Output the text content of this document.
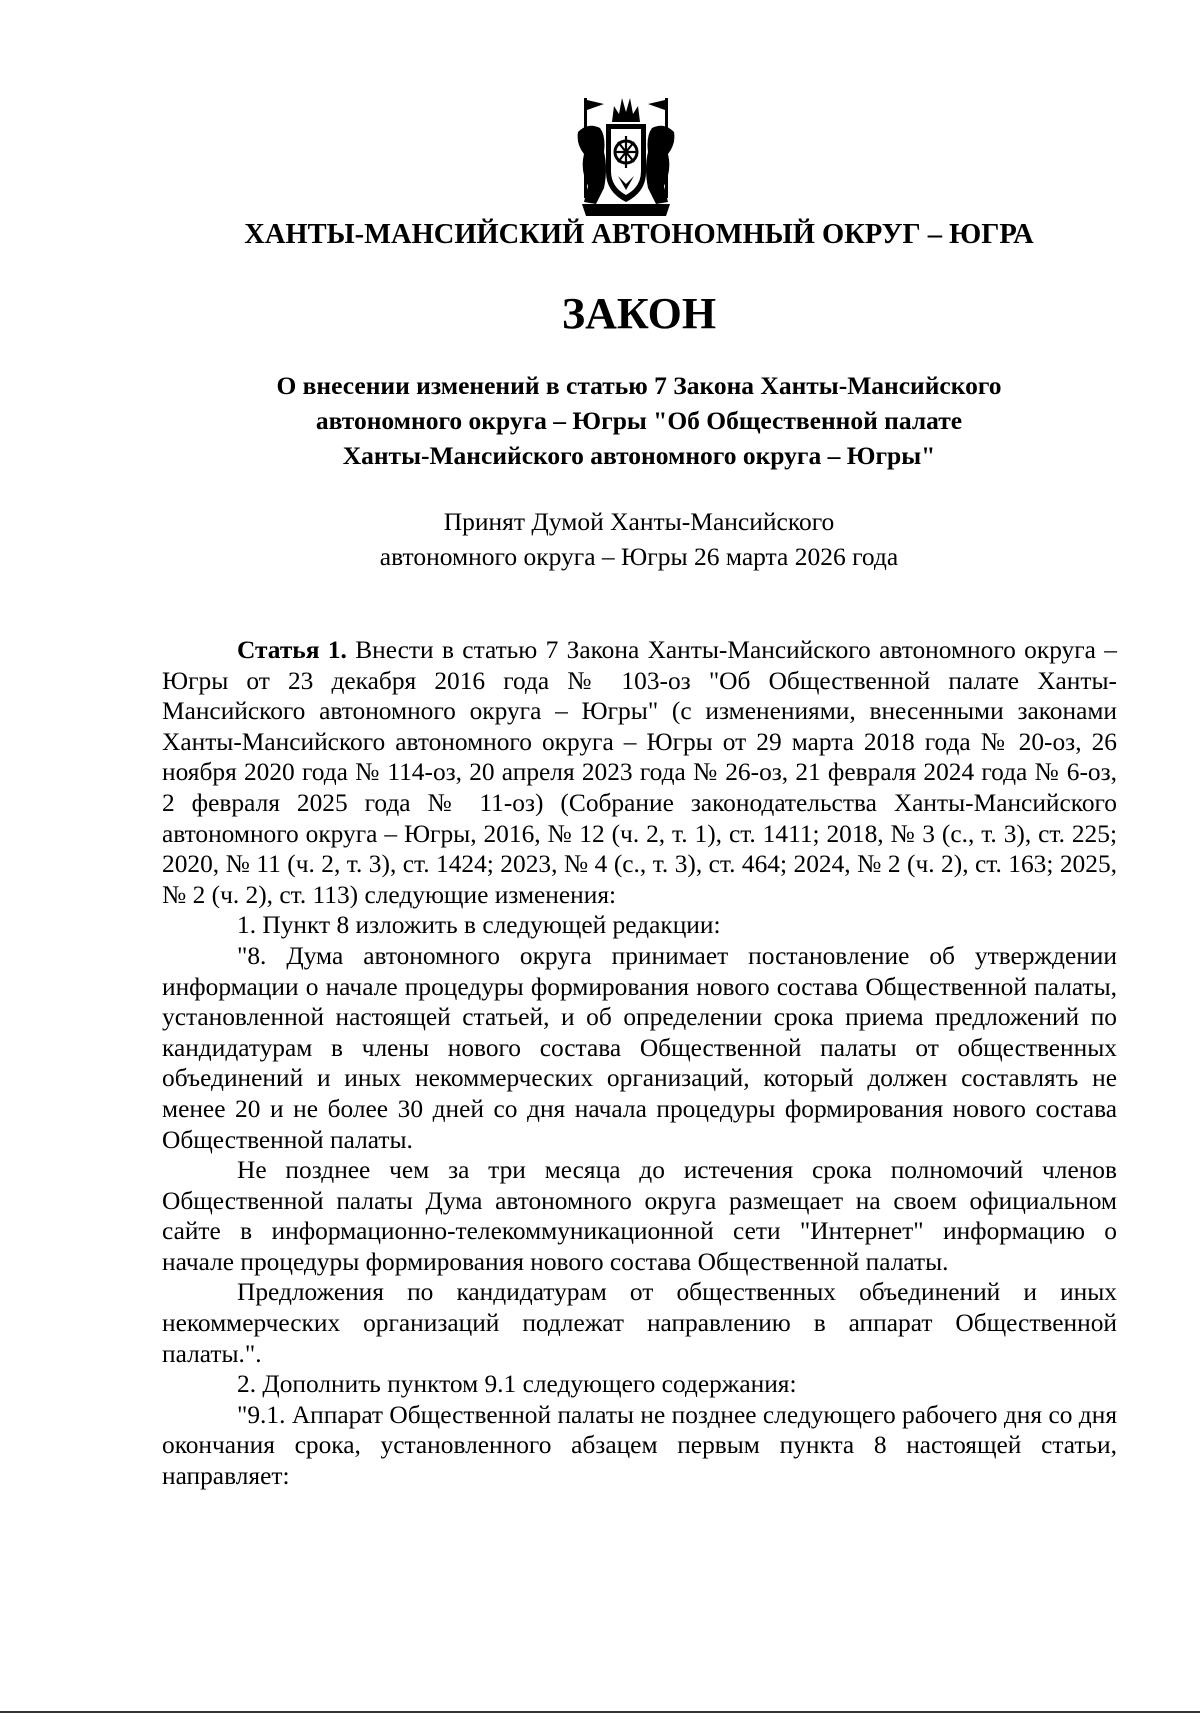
ХАНТЫ-МАНСИЙСКИЙ АВТОНОМНЫЙ ОКРУГ – ЮГРА
ЗАКОН
О внесении изменений в статью 7 Закона Ханты-Мансийского
автономного округа – Югры "Об Общественной палате
Ханты-Мансийского автономного округа – Югры"
Принят Думой Ханты-Мансийского
автономного округа – Югры 26 марта 2026 года

Статья 1. Внести в статью 7 Закона Ханты-Мансийского автономного округа – Югры от 23 декабря 2016 года № 103-оз "Об Общественной палате Ханты-Мансийского автономного округа – Югры" (с изменениями, внесенными законами Ханты-Мансийского автономного округа – Югры от 29 марта 2018 года № 20-оз, 26 ноября 2020 года № 114-оз, 20 апреля 2023 года № 26-оз, 21 февраля 2024 года № 6-оз, 2 февраля 2025 года № 11-оз) (Собрание законодательства Ханты-Мансийского автономного округа – Югры, 2016, № 12 (ч. 2, т. 1), ст. 1411; 2018, № 3 (с., т. 3), ст. 225; 2020, № 11 (ч. 2, т. 3), ст. 1424; 2023, № 4 (с., т. 3), ст. 464; 2024, № 2 (ч. 2), ст. 163; 2025, № 2 (ч. 2), ст. 113) следующие изменения:

1. Пункт 8 изложить в следующей редакции:

"8. Дума автономного округа принимает постановление об утверждении информации о начале процедуры формирования нового состава Общественной палаты, установленной настоящей статьей, и об определении срока приема предложений по кандидатурам в члены нового состава Общественной палаты от общественных объединений и иных некоммерческих организаций, который должен составлять не менее 20 и не более 30 дней со дня начала процедуры формирования нового состава Общественной палаты.

Не позднее чем за три месяца до истечения срока полномочий членов Общественной палаты Дума автономного округа размещает на своем официальном сайте в информационно-телекоммуникационной сети "Интернет" информацию о начале процедуры формирования нового состава Общественной палаты.

Предложения по кандидатурам от общественных объединений и иных некоммерческих организаций подлежат направлению в аппарат Общественной палаты.".

2. Дополнить пунктом 9.1 следующего содержания:

"9.1. Аппарат Общественной палаты не позднее следующего рабочего дня со дня окончания срока, установленного абзацем первым пункта 8 настоящей статьи, направляет:
